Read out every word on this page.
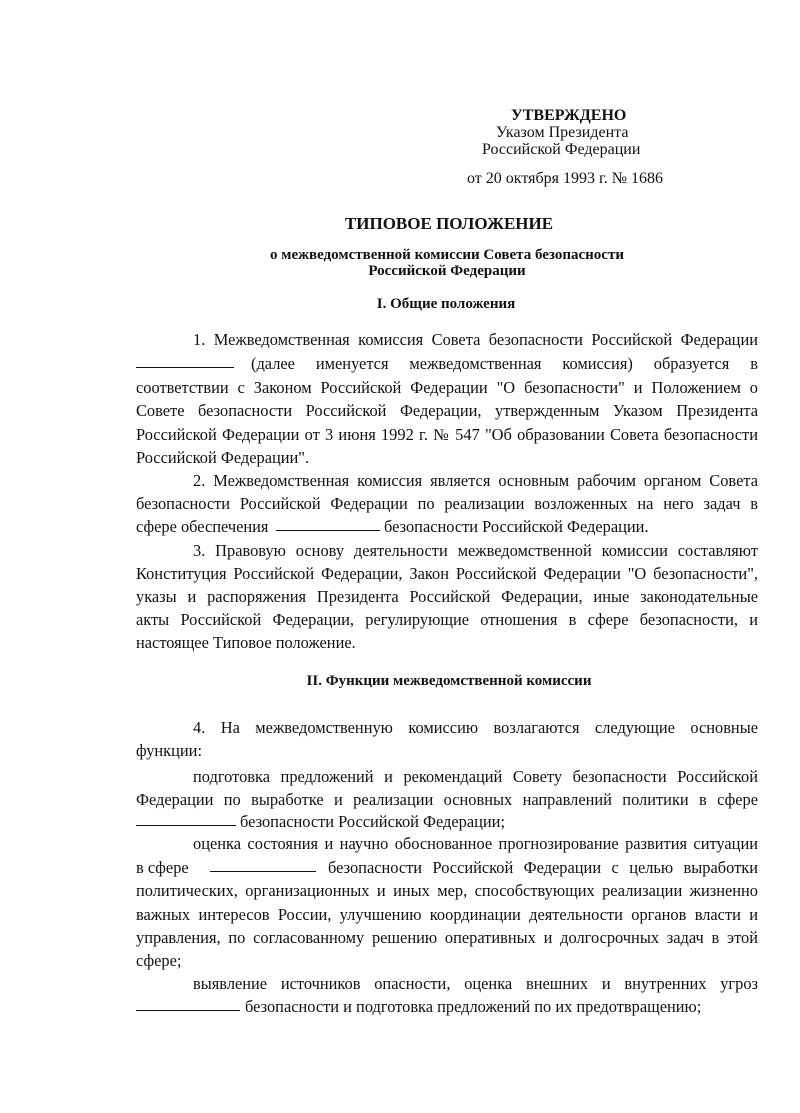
УТВЕРЖДЕНО
Указом Президента
Российской Федерации
от 20 октября 1993 г. № 1686
ТИПОВОЕ ПОЛОЖЕНИЕ
о межведомственной комиссии Совета безопасности
Российской Федерации
I. Общие положения
1. Межведомственная комиссия Совета безопасности Российской Федерации
(далее именуется межведомственная комиссия) образуется в
соответствии с Законом Российской Федерации "О безопасности" и Положением о
Совете безопасности Российской Федерации, утвержденным Указом Президента
Российской Федерации от 3 июня 1992 г. № 547 "Об образовании Совета безопасности
Российской Федерации".
2. Межведомственная комиссия является основным рабочим органом Совета
безопасности Российской Федерации по реализации возложенных на него задач в
сфере обеспечения	безопасности Российской Федерации.
3. Правовую основу деятельности межведомственной комиссии составляют
Конституция Российской Федерации, Закон Российской Федерации "О безопасности",
указы и распоряжения Президента Российской Федерации, иные законодательные
акты Российской Федерации, регулирующие отношения в сфере безопасности, и
настоящее Типовое положение.
II. Функции межведомственной комиссии
4. На межведомственную комиссию возлагаются следующие основные
функции:
подготовка предложений и рекомендаций Совету безопасности Российской
Федерации по выработке и реализации основных направлений политики в сфере
безопасности Российской Федерации;
оценка состояния и научно обоснованное прогнозирование развития ситуации
в сфере	безопасности Российской Федерации с целью выработки
политических, организационных и иных мер, способствующих реализации жизненно
важных интересов России, улучшению координации деятельности органов власти и
управления, по согласованному решению оперативных и долгосрочных задач в этой
сфере;
выявление источников опасности, оценка внешних и внутренних угроз
безопасности и подготовка предложений по их предотвращению;
